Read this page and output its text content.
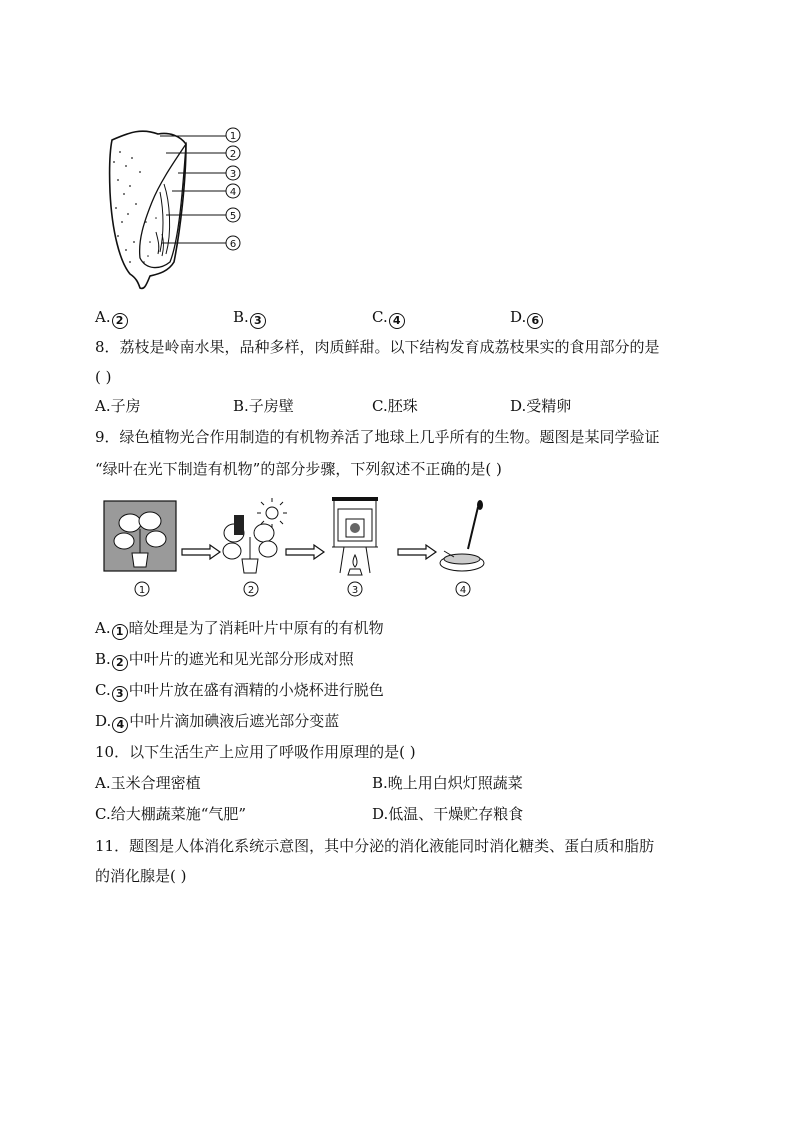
1
2
3
4
5
6
A. 2	B. 3	C. 4	D. 6
8．荔枝是岭南水果，品种多样，肉质鲜甜。以下结构发育成荔枝果实的食用部分的是
( )
A.子房	B.子房壁	C.胚珠	D.受精卵
9．绿色植物光合作用制造的有机物养活了地球上几乎所有的生物。题图是某同学验证
“绿叶在光下制造有机物”的部分步骤，下列叙述不正确的是( )
1	2	3	4
A. 1 暗处理是为了消耗叶片中原有的有机物
B. 2 中叶片的遮光和见光部分形成对照
C. 3 中叶片放在盛有酒精的小烧杯进行脱色
D. 4 中叶片滴加碘液后遮光部分变蓝
10．以下生活生产上应用了呼吸作用原理的是( )
A.玉米合理密植	B.晚上用白炽灯照蔬菜
C.给大棚蔬菜施“气肥”	D.低温、干燥贮存粮食
11．题图是人体消化系统示意图，其中分泌的消化液能同时消化糖类、蛋白质和脂肪
的消化腺是( )
